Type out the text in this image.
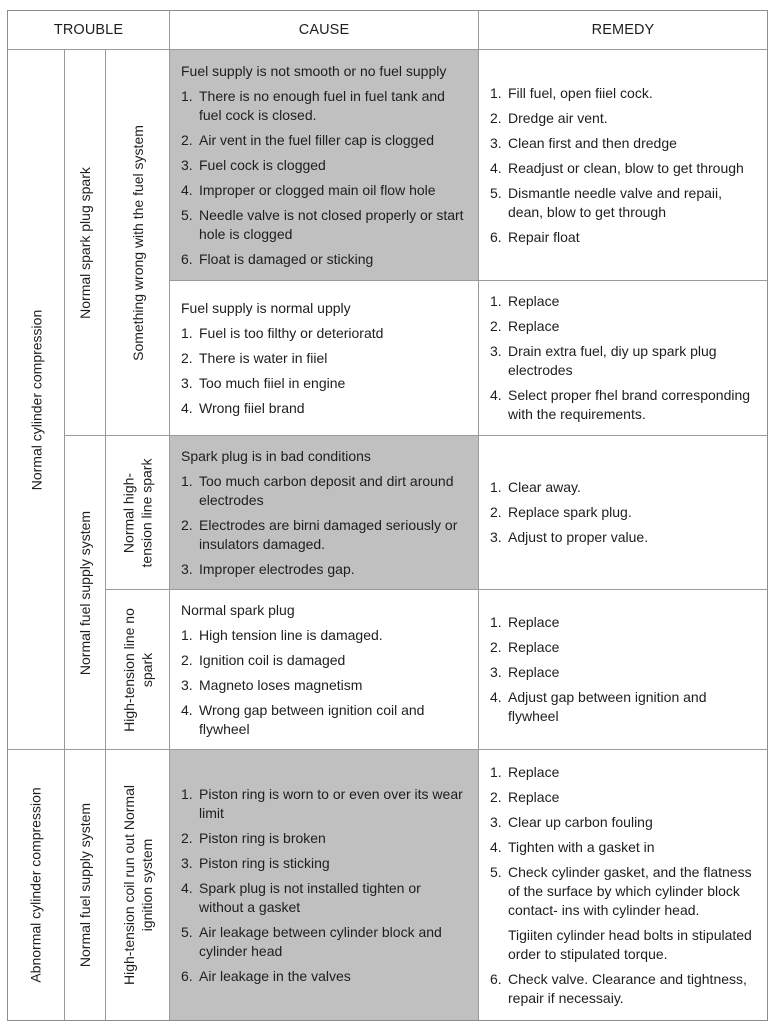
TROUBLE	CAUSE	REMEDY
Normal cylinder compression
Abnormal cylinder compression
Normal spark plug spark
Normal fuel supply system
Normal fuel supply system
Something wrong with the fuel system
Normal high- tension line spark
High-tension line no spark
High-tension coil run out Normal ignition system
Fuel supply is not smooth or no fuel supply
1. There is no enough fuel in fuel tank and fuel cock is closed.
2. Air vent in the fuel filler cap is clogged
3. Fuel cock is clogged
4. Improper or clogged main oil flow hole
5. Needle valve is not closed properly or start hole is clogged
6. Float is damaged or sticking
1. Fill fuel, open fiiel cock.
2. Dredge air vent.
3. Clean first and then dredge
4. Readjust or clean, blow to get through
5. Dismantle needle valve and repaii, dean, blow to get through
6. Repair float
Fuel supply is normal upply
1. Fuel is too filthy or deterioratd
2. There is water in fiiel
3. Too much fiiel in engine
4. Wrong fiiel brand
1. Replace
2. Replace
3. Drain extra fuel, diy up spark plug electrodes
4. Select proper fhel brand corresponding with the requirements.
Spark plug is in bad conditions
1. Too much carbon deposit and dirt around electrodes
2. Electrodes are birni damaged seriously or insulators damaged.
3. Improper electrodes gap.
1. Clear away.
2. Replace spark plug.
3. Adjust to proper value.
Normal spark plug
1. High tension line is damaged.
2. Ignition coil is damaged
3. Magneto loses magnetism
4. Wrong gap between ignition coil and flywheel
1. Replace
2. Replace
3. Replace
4. Adjust gap between ignition and flywheel
1. Piston ring is worn to or even over its wear limit
2. Piston ring is broken
3. Piston ring is sticking
4. Spark plug is not installed tighten or without a gasket
5. Air leakage between cylinder block and cylinder head
6. Air leakage in the valves
1. Replace
2. Replace
3. Clear up carbon fouling
4. Tighten with a gasket in
5. Check cylinder gasket, and the flatness of the surface by which cylinder block contact- ins with cylinder head.
Tigiiten cylinder head bolts in stipulated order to stipulated torque.
6. Check valve. Clearance and tightness, repair if necessaiy.
